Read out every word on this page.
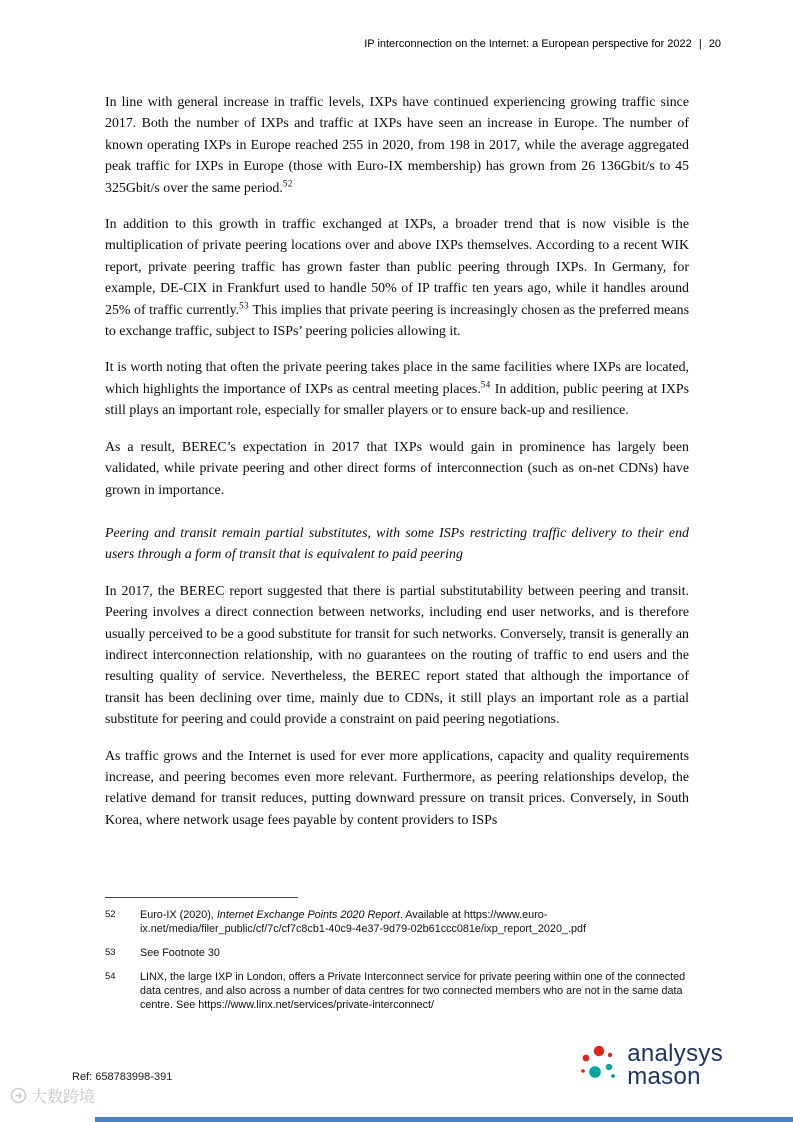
IP interconnection on the Internet: a European perspective for 2022 | 20

In line with general increase in traffic levels, IXPs have continued experiencing growing traffic since 2017. Both the number of IXPs and traffic at IXPs have seen an increase in Europe. The number of known operating IXPs in Europe reached 255 in 2020, from 198 in 2017, while the average aggregated peak traffic for IXPs in Europe (those with Euro-IX membership) has grown from 26 136Gbit/s to 45 325Gbit/s over the same period.$^{52}$

In addition to this growth in traffic exchanged at IXPs, a broader trend that is now visible is the multiplication of private peering locations over and above IXPs themselves. According to a recent WIK report, private peering traffic has grown faster than public peering through IXPs. In Germany, for example, DE-CIX in Frankfurt used to handle 50% of IP traffic ten years ago, while it handles around 25% of traffic currently.$^{53}$ This implies that private peering is increasingly chosen as the preferred means to exchange traffic, subject to ISPs’ peering policies allowing it.

It is worth noting that often the private peering takes place in the same facilities where IXPs are located, which highlights the importance of IXPs as central meeting places.$^{54}$ In addition, public peering at IXPs still plays an important role, especially for smaller players or to ensure back-up and resilience.

As a result, BEREC’s expectation in 2017 that IXPs would gain in prominence has largely been validated, while private peering and other direct forms of interconnection (such as on-net CDNs) have grown in importance.

Peering and transit remain partial substitutes, with some ISPs restricting traffic delivery to their end users through a form of transit that is equivalent to paid peering

In 2017, the BEREC report suggested that there is partial substitutability between peering and transit. Peering involves a direct connection between networks, including end user networks, and is therefore usually perceived to be a good substitute for transit for such networks. Conversely, transit is generally an indirect interconnection relationship, with no guarantees on the routing of traffic to end users and the resulting quality of service. Nevertheless, the BEREC report stated that although the importance of transit has been declining over time, mainly due to CDNs, it still plays an important role as a partial substitute for peering and could provide a constraint on paid peering negotiations.

As traffic grows and the Internet is used for ever more applications, capacity and quality requirements increase, and peering becomes even more relevant. Furthermore, as peering relationships develop, the relative demand for transit reduces, putting downward pressure on transit prices. Conversely, in South Korea, where network usage fees payable by content providers to ISPs

52	Euro-IX (2020), Internet Exchange Points 2020 Report. Available at https://www.euro-ix.net/media/filer_public/cf/7c/cf7c8cb1-40c9-4e37-9d79-02b61ccc081e/ixp_report_2020_.pdf
53	See Footnote 30
54	LINX, the large IXP in London, offers a Private Interconnect service for private peering within one of the connected data centres, and also across a number of data centres for two connected members who are not in the same data centre. See https://www.linx.net/services/private-interconnect/
Ref: 658783998-391
analysys
mason
大数跨境
